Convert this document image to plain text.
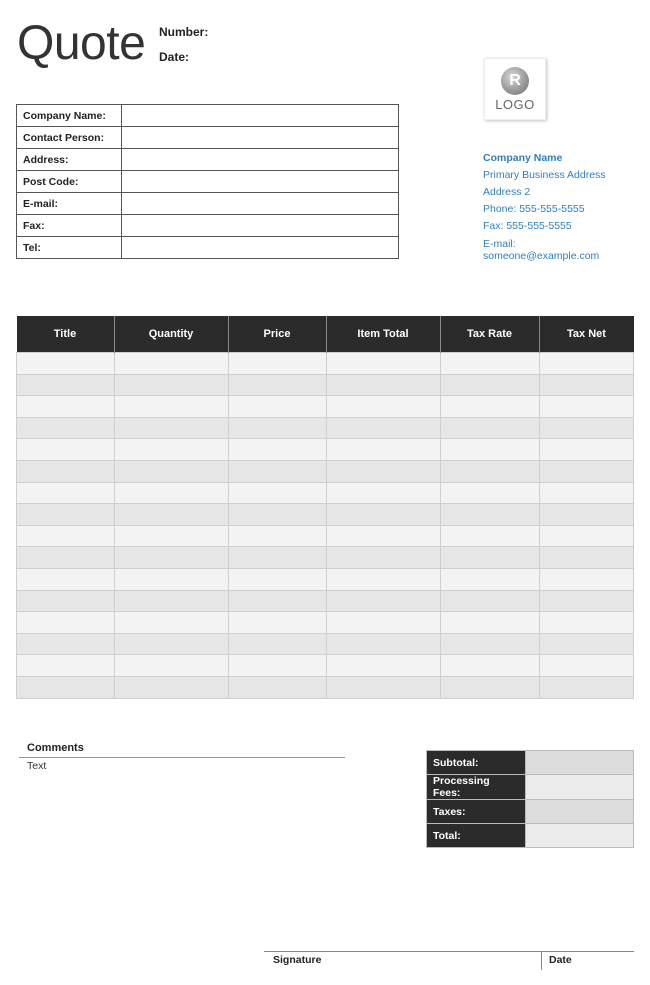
Quote Number:
Date:
R
LOGO
Company Name
Primary Business Address
Address 2
Phone: 555-555-5555
Fax: 555-555-5555
E-mail:
someone@example.com
Company Name:	
Contact Person:	
Address:	
Post Code:	
E-mail:	
Fax:	
Tel:	
Title	Quantity	Price	Item Total	Tax Rate	Tax Net

Comments
Text	Subtotal:	
Processing Fees:	
Taxes:	
Total:	
Signature	Date
